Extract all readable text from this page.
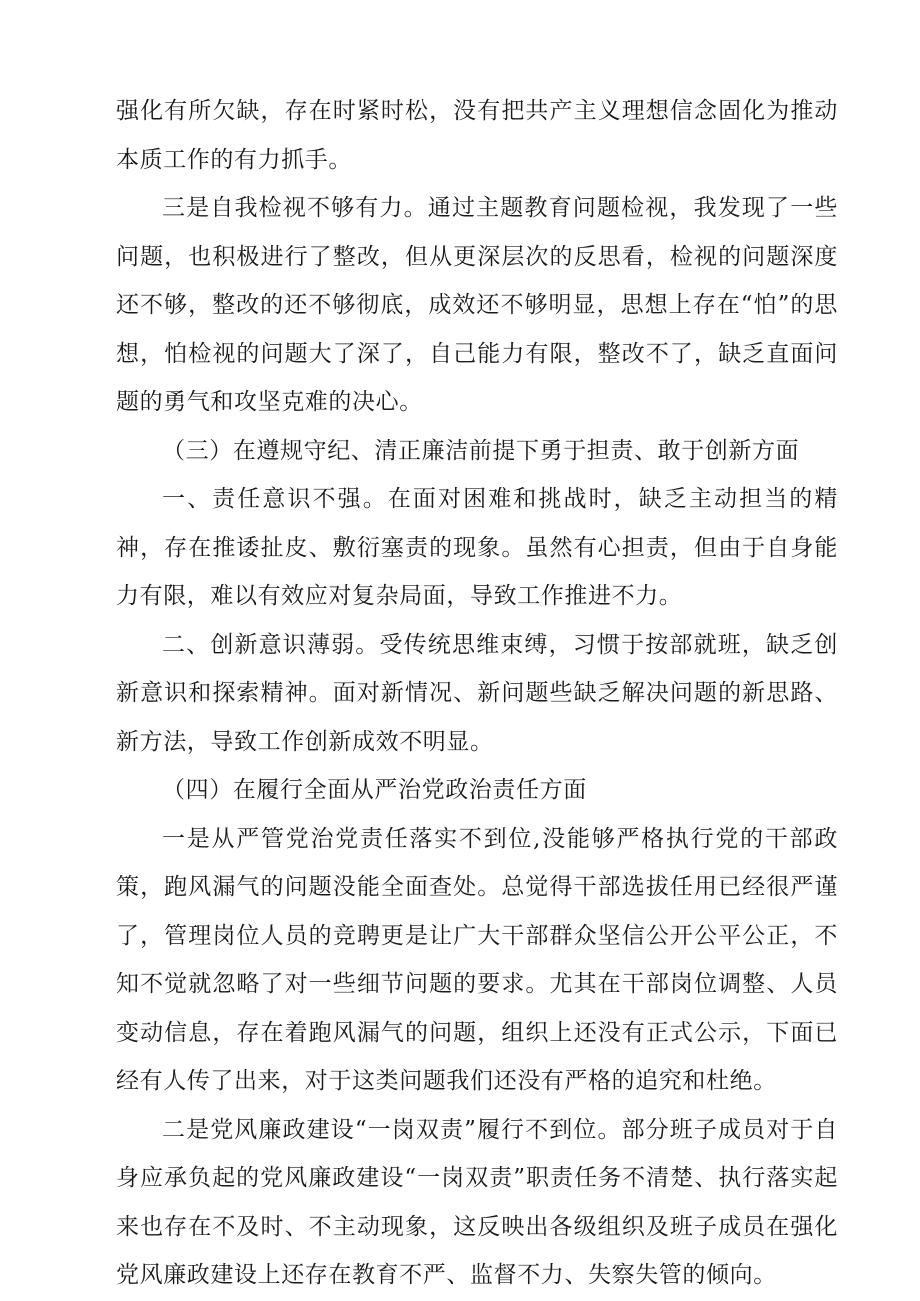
强化有所欠缺，存在时紧时松，没有把共产主义理想信念固化为推动本质工作的有力抓手。

三是自我检视不够有力。通过主题教育问题检视，我发现了一些问题，也积极进行了整改，但从更深层次的反思看，检视的问题深度还不够，整改的还不够彻底，成效还不够明显，思想上存在“怕”的思想，怕检视的问题大了深了，自己能力有限，整改不了，缺乏直面问题的勇气和攻坚克难的决心。

（三）在遵规守纪、清正廉洁前提下勇于担责、敢于创新方面

一、责任意识不强。在面对困难和挑战时，缺乏主动担当的精神，存在推诿扯皮、敷衍塞责的现象。虽然有心担责，但由于自身能力有限，难以有效应对复杂局面，导致工作推进不力。

二、创新意识薄弱。受传统思维束缚，习惯于按部就班，缺乏创新意识和探索精神。面对新情况、新问题些缺乏解决问题的新思路、新方法，导致工作创新成效不明显。

（四）在履行全面从严治党政治责任方面

一是从严管党治党责任落实不到位,没能够严格执行党的干部政策，跑风漏气的问题没能全面查处。总觉得干部选拔任用已经很严谨了，管理岗位人员的竞聘更是让广大干部群众坚信公开公平公正，不知不觉就忽略了对一些细节问题的要求。尤其在干部岗位调整、人员变动信息，存在着跑风漏气的问题，组织上还没有正式公示，下面已经有人传了出来，对于这类问题我们还没有严格的追究和杜绝。

二是党风廉政建设“一岗双责”履行不到位。部分班子成员对于自身应承负起的党风廉政建设“一岗双责”职责任务不清楚、执行落实起来也存在不及时、不主动现象，这反映出各级组织及班子成员在强化党风廉政建设上还存在教育不严、监督不力、失察失管的倾向。
